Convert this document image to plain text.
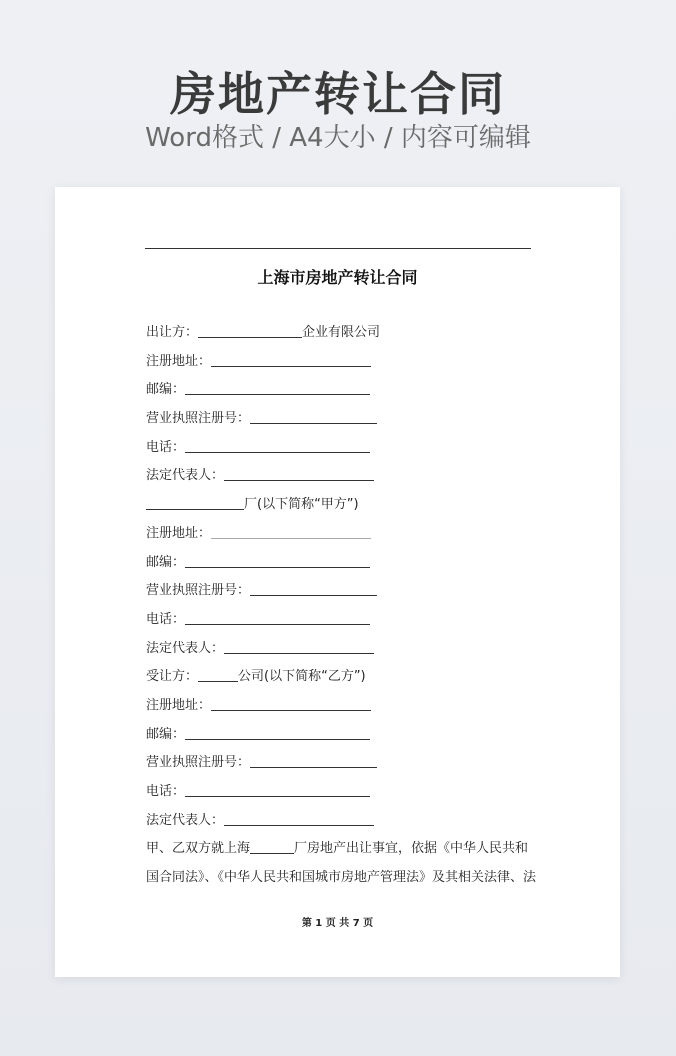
房地产转让合同
Word格式 / A4大小 / 内容可编辑
上海市房地产转让合同
出让方：	企业有限公司
注册地址：
邮编：
营业执照注册号：
电话：
法定代表人：
厂(以下简称“甲方”)
注册地址：
邮编：
营业执照注册号：
电话：
法定代表人：
受让方：	公司(以下简称“乙方”)
注册地址：
邮编：
营业执照注册号：
电话：
法定代表人：
甲、乙双方就上海	厂房地产出让事宜，依据《中华人民共和
国合同法》、《中华人民共和国城市房地产管理法》及其相关法律、法
第 1 页 共 7 页
